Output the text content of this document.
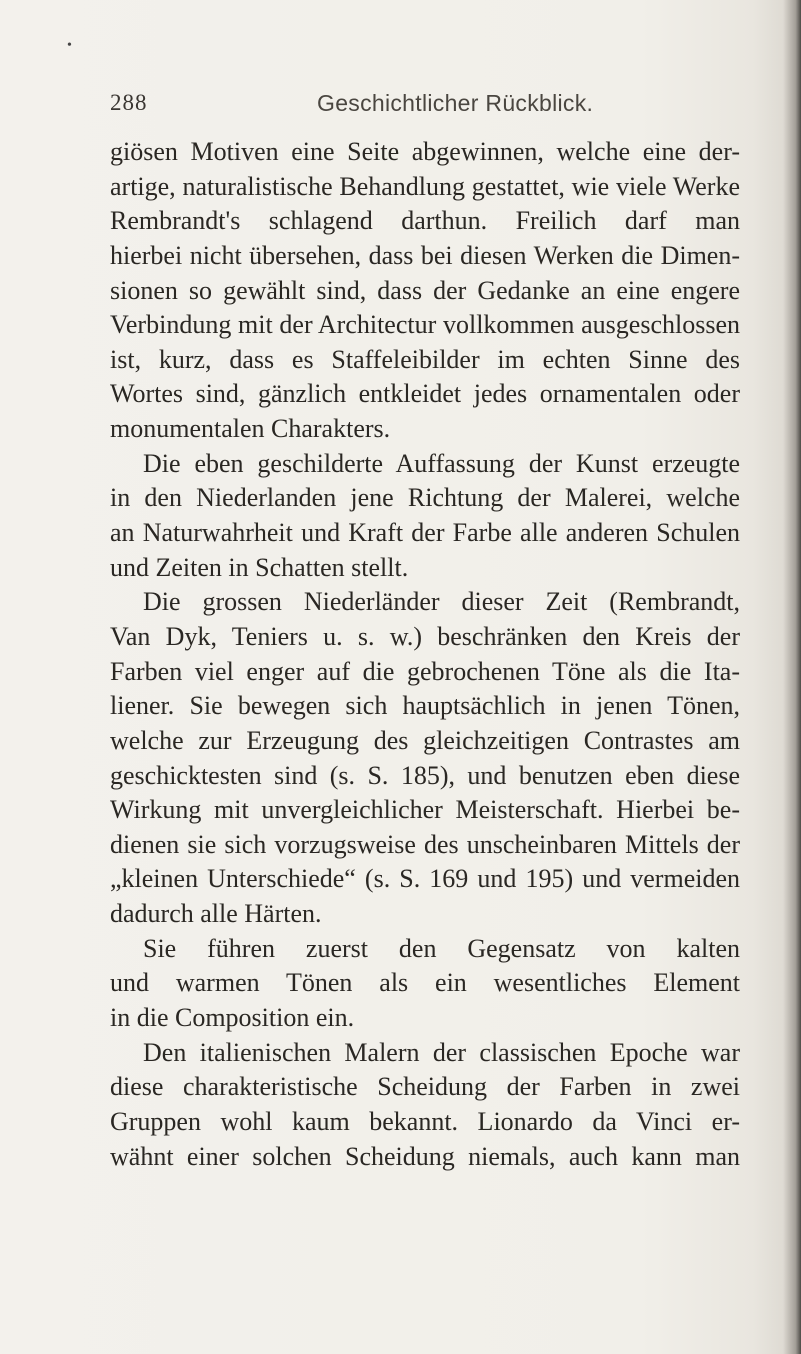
•
288	Geschichtlicher Rückblick.
giösen Motiven eine Seite abgewinnen, welche eine der-
artige, naturalistische Behandlung gestattet, wie viele Werke
Rembrandt's schlagend darthun. Freilich darf man
hierbei nicht übersehen, dass bei diesen Werken die Dimen-
sionen so gewählt sind, dass der Gedanke an eine engere
Verbindung mit der Architectur vollkommen ausgeschlossen
ist, kurz, dass es Staffeleibilder im echten Sinne des
Wortes sind, gänzlich entkleidet jedes ornamentalen oder
monumentalen Charakters.
Die eben geschilderte Auffassung der Kunst erzeugte
in den Niederlanden jene Richtung der Malerei, welche
an Naturwahrheit und Kraft der Farbe alle anderen Schulen
und Zeiten in Schatten stellt.
Die grossen Niederländer dieser Zeit (Rembrandt,
Van Dyk, Teniers u. s. w.) beschränken den Kreis der
Farben viel enger auf die gebrochenen Töne als die Ita-
liener. Sie bewegen sich hauptsächlich in jenen Tönen,
welche zur Erzeugung des gleichzeitigen Contrastes am
geschicktesten sind (s. S. 185), und benutzen eben diese
Wirkung mit unvergleichlicher Meisterschaft. Hierbei be-
dienen sie sich vorzugsweise des unscheinbaren Mittels der
„kleinen Unterschiede“ (s. S. 169 und 195) und vermeiden
dadurch alle Härten.
Sie führen zuerst den Gegensatz von kalten
und warmen Tönen als ein wesentliches Element
in die Composition ein.
Den italienischen Malern der classischen Epoche war
diese charakteristische Scheidung der Farben in zwei
Gruppen wohl kaum bekannt. Lionardo da Vinci er-
wähnt einer solchen Scheidung niemals, auch kann man
